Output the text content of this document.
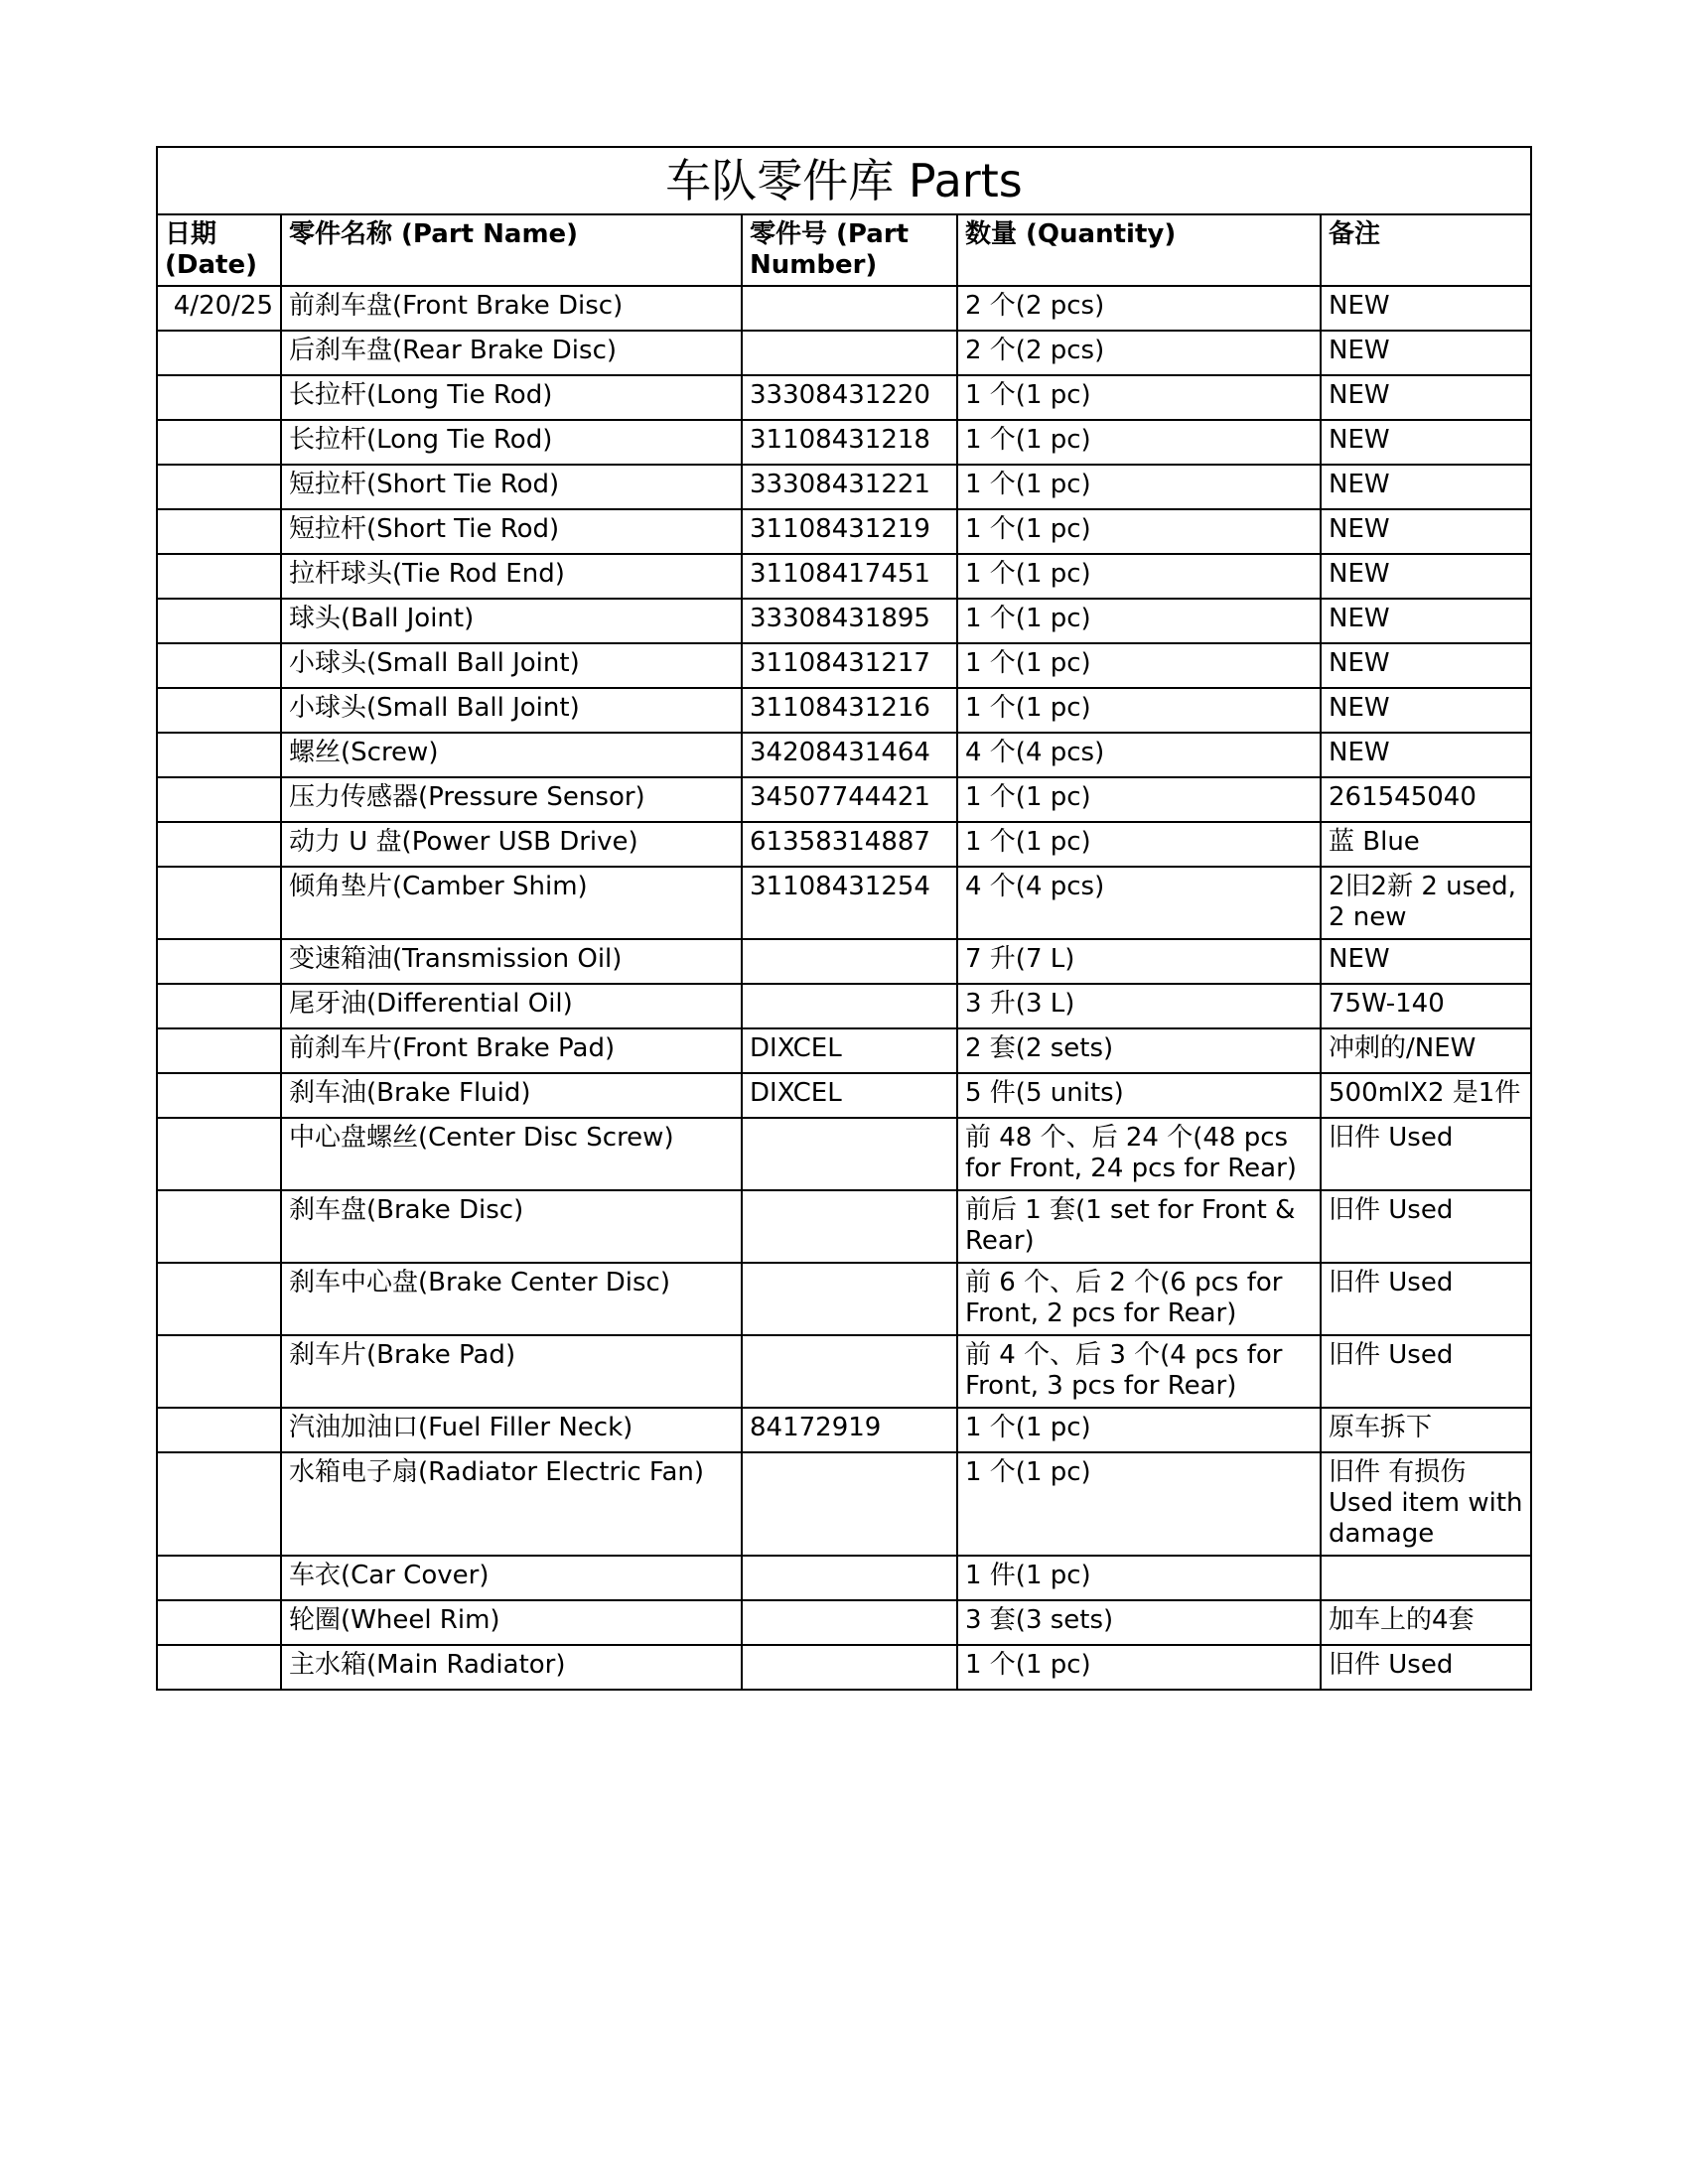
车队零件库 Parts				
日期 (Date)	零件名称 (Part Name)	零件号 (Part Number)	数量 (Quantity)	备注
4/20/25	前刹车盘(Front Brake Disc)		2 个(2 pcs)	NEW
	后刹车盘(Rear Brake Disc)		2 个(2 pcs)	NEW
	长拉杆(Long Tie Rod)	33308431220	1 个(1 pc)	NEW
	长拉杆(Long Tie Rod)	31108431218	1 个(1 pc)	NEW
	短拉杆(Short Tie Rod)	33308431221	1 个(1 pc)	NEW
	短拉杆(Short Tie Rod)	31108431219	1 个(1 pc)	NEW
	拉杆球头(Tie Rod End)	31108417451	1 个(1 pc)	NEW
	球头(Ball Joint)	33308431895	1 个(1 pc)	NEW
	小球头(Small Ball Joint)	31108431217	1 个(1 pc)	NEW
	小球头(Small Ball Joint)	31108431216	1 个(1 pc)	NEW
	螺丝(Screw)	34208431464	4 个(4 pcs)	NEW
	压力传感器(Pressure Sensor)	34507744421	1 个(1 pc)	261545040
	动力 U 盘(Power USB Drive)	61358314887	1 个(1 pc)	蓝 Blue
	倾角垫片(Camber Shim)	31108431254	4 个(4 pcs)	2旧2新 2 used, 2 new
	变速箱油(Transmission Oil)		7 升(7 L)	NEW
	尾牙油(Differential Oil)		3 升(3 L)	75W-140
	前刹车片(Front Brake Pad)	DIXCEL	2 套(2 sets)	冲刺的/NEW
	刹车油(Brake Fluid)	DIXCEL	5 件(5 units)	500mlX2 是1件
	中心盘螺丝(Center Disc Screw)		前 48 个、后 24 个(48 pcs for Front, 24 pcs for Rear)	旧件 Used
	刹车盘(Brake Disc)		前后 1 套(1 set for Front & Rear)	旧件 Used
	刹车中心盘(Brake Center Disc)		前 6 个、后 2 个(6 pcs for Front, 2 pcs for Rear)	旧件 Used
	刹车片(Brake Pad)		前 4 个、后 3 个(4 pcs for Front, 3 pcs for Rear)	旧件 Used
	汽油加油口(Fuel Filler Neck)	84172919	1 个(1 pc)	原车拆下
	水箱电子扇(Radiator Electric Fan)		1 个(1 pc)	旧件 有损伤 Used item with damage
	车衣(Car Cover)		1 件(1 pc)	
	轮圈(Wheel Rim)		3 套(3 sets)	加车上的4套
	主水箱(Main Radiator)		1 个(1 pc)	旧件 Used
